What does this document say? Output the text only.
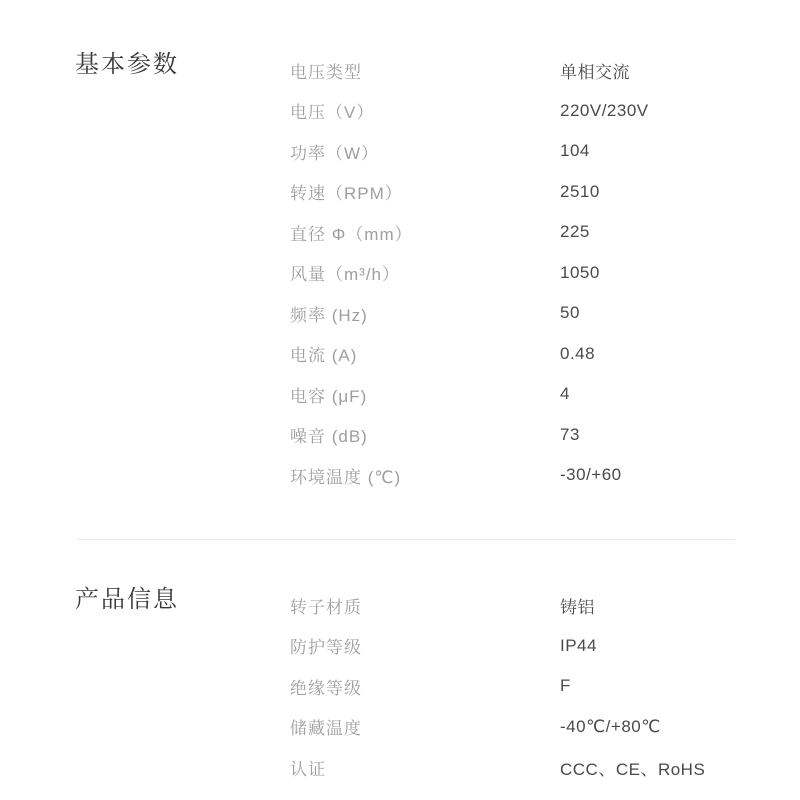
基本参数	电压类型	单相交流
电压（V）	220V/230V
功率（W）	104
转速（RPM）	2510
直径 Φ（mm）	225
风量（m³/h）	1050
频率 (Hz)	50
电流 (A)	0.48
电容 (μF)	4
噪音 (dB)	73
环境温度 (℃)	-30/+60
产品信息	转子材质	铸铝
防护等级	IP44
绝缘等级	F
储藏温度	-40℃/+80℃
认证	CCC、CE、RoHS
